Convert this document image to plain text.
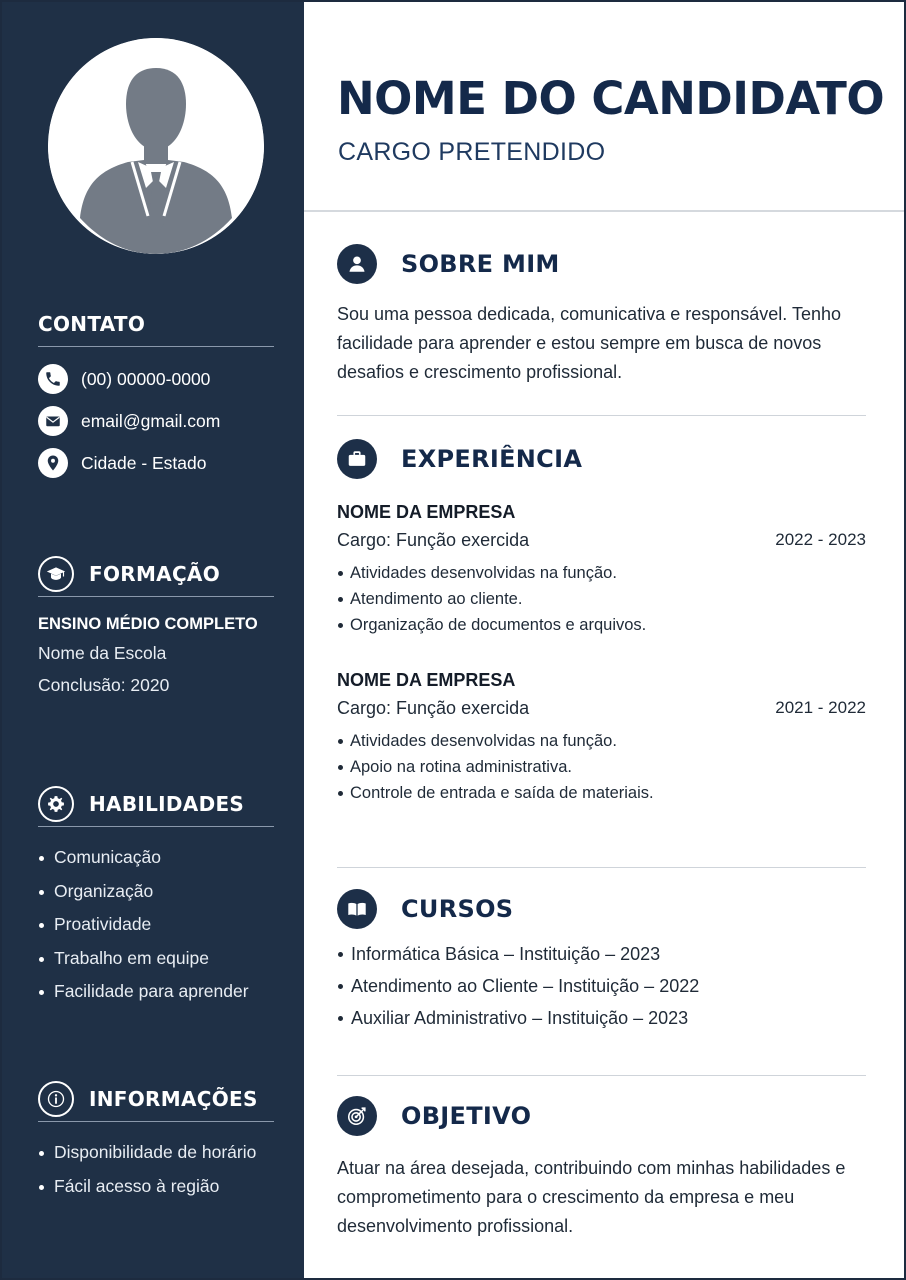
CONTATO
(00) 00000-0000
email@gmail.com
Cidade - Estado
FORMAÇÃO
ENSINO MÉDIO COMPLETO
Nome da Escola
Conclusão: 2020
HABILIDADES
Comunicação
Organização
Proatividade
Trabalho em equipe
Facilidade para aprender
INFORMAÇÕES
Disponibilidade de horário
Fácil acesso à região
NOME DO CANDIDATO
CARGO PRETENDIDO
SOBRE MIM

Sou uma pessoa dedicada, comunicativa e responsável. Tenho facilidade para aprender e estou sempre em busca de novos desafios e crescimento profissional.

EXPERIÊNCIA
NOME DA EMPRESA
Cargo: Função exercida	2022 - 2023
Atividades desenvolvidas na função.
Atendimento ao cliente.
Organização de documentos e arquivos.
NOME DA EMPRESA
Cargo: Função exercida	2021 - 2022
Atividades desenvolvidas na função.
Apoio na rotina administrativa.
Controle de entrada e saída de materiais.
CURSOS
Informática Básica – Instituição – 2023
Atendimento ao Cliente – Instituição – 2022
Auxiliar Administrativo – Instituição – 2023
OBJETIVO

Atuar na área desejada, contribuindo com minhas habilidades e comprometimento para o crescimento da empresa e meu desenvolvimento profissional.
